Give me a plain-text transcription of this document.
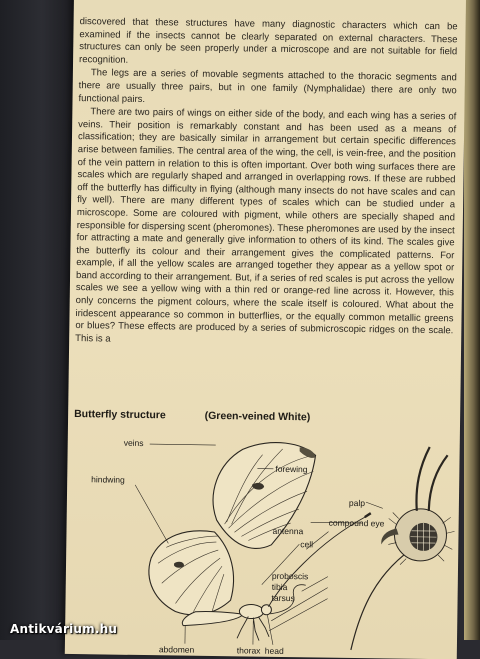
discovered that these structures have many diagnostic characters which can be examined if the insects cannot be clearly separated on external characters. These structures can only be seen properly under a microscope and are not suitable for field recognition.

The legs are a series of movable segments attached to the thoracic segments and there are usually three pairs, but in one family (Nymphalidae) there are only two functional pairs.

There are two pairs of wings on either side of the body, and each wing has a series of veins. Their position is remarkably constant and has been used as a means of classification; they are basically similar in arrangement but certain specific differences arise between families. The central area of the wing, the cell, is vein-free, and the position of the vein pattern in relation to this is often important. Over both wing surfaces there are scales which are regularly shaped and arranged in overlapping rows. If these are rubbed off the butterfly has difficulty in flying (although many insects do not have scales and can fly well). There are many different types of scales which can be studied under a microscope. Some are coloured with pigment, while others are specially shaped and responsible for dispersing scent (pheromones). These pheromones are used by the insect for attracting a mate and generally give information to others of its kind. The scales give the butterfly its colour and their arrangement gives the complicated patterns. For example, if all the yellow scales are arranged together they appear as a yellow spot or band according to their arrangement. But, if a series of red scales is put across the yellow scales we see a yellow wing with a thin red or orange-red line across it. However, this only concerns the pigment colours, where the scale itself is coloured. What about the iridescent appearance so common in butterflies, or the equally common metallic greens or blues? These effects are produced by a series of submicroscopic ridges on the scale. This is a

Butterfly structure	(Green-veined White)
veins
forewing
hindwing
palp
compound eye
antenna
cell
proboscis
tibia
tarsus
abdomen	thorax head
Antikvárium.hu
